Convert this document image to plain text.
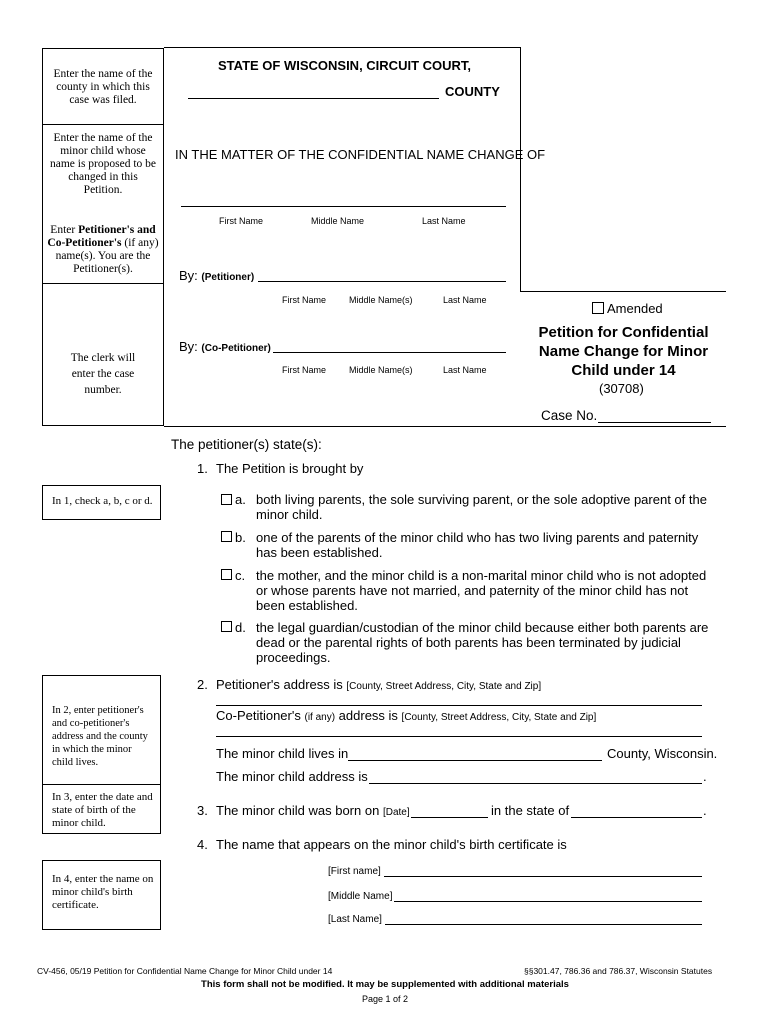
Enter the name of the county in which this case was filed.
Enter the name of the minor child whose name is proposed to be changed in this Petition.
Enter Petitioner's and Co-Petitioner's (if any) name(s). You are the Petitioner(s).
The clerk will enter the case number.
In 1, check a, b, c or d.
In 2, enter petitioner's and co-petitioner's address and the county in which the minor child lives.
In 3, enter the date and state of birth of the minor child.
In 4, enter the name on minor child's birth certificate.
STATE OF WISCONSIN, CIRCUIT COURT,
COUNTY
IN THE MATTER OF THE CONFIDENTIAL NAME CHANGE OF
First Name	Middle Name	Last Name
By: (Petitioner)
First Name	Middle Name(s)	Last Name
By: (Co-Petitioner)
First Name	Middle Name(s)	Last Name
Amended
Petition for Confidential Name Change for Minor Child under 14
(30708)
Case No.
The petitioner(s) state(s):
1. The Petition is brought by
a. both living parents, the sole surviving parent, or the sole adoptive parent of the minor child.
b. one of the parents of the minor child who has two living parents and paternity has been established.
c. the mother, and the minor child is a non-marital minor child who is not adopted or whose parents have not married, and paternity of the minor child has not been established.
d. the legal guardian/custodian of the minor child because either both parents are dead or the parental rights of both parents has been terminated by judicial proceedings.
2. Petitioner's address is [County, Street Address, City, State and Zip]
Co-Petitioner's (if any) address is [County, Street Address, City, State and Zip]
The minor child lives in	County, Wisconsin.
The minor child address is	.
3. The minor child was born on [Date]	in the state of	.
4. The name that appears on the minor child's birth certificate is
[First name]
[Middle Name]
[Last Name]
CV-456, 05/19 Petition for Confidential Name Change for Minor Child under 14	§§301.47, 786.36 and 786.37, Wisconsin Statutes
This form shall not be modified. It may be supplemented with additional materials
Page 1 of 2
